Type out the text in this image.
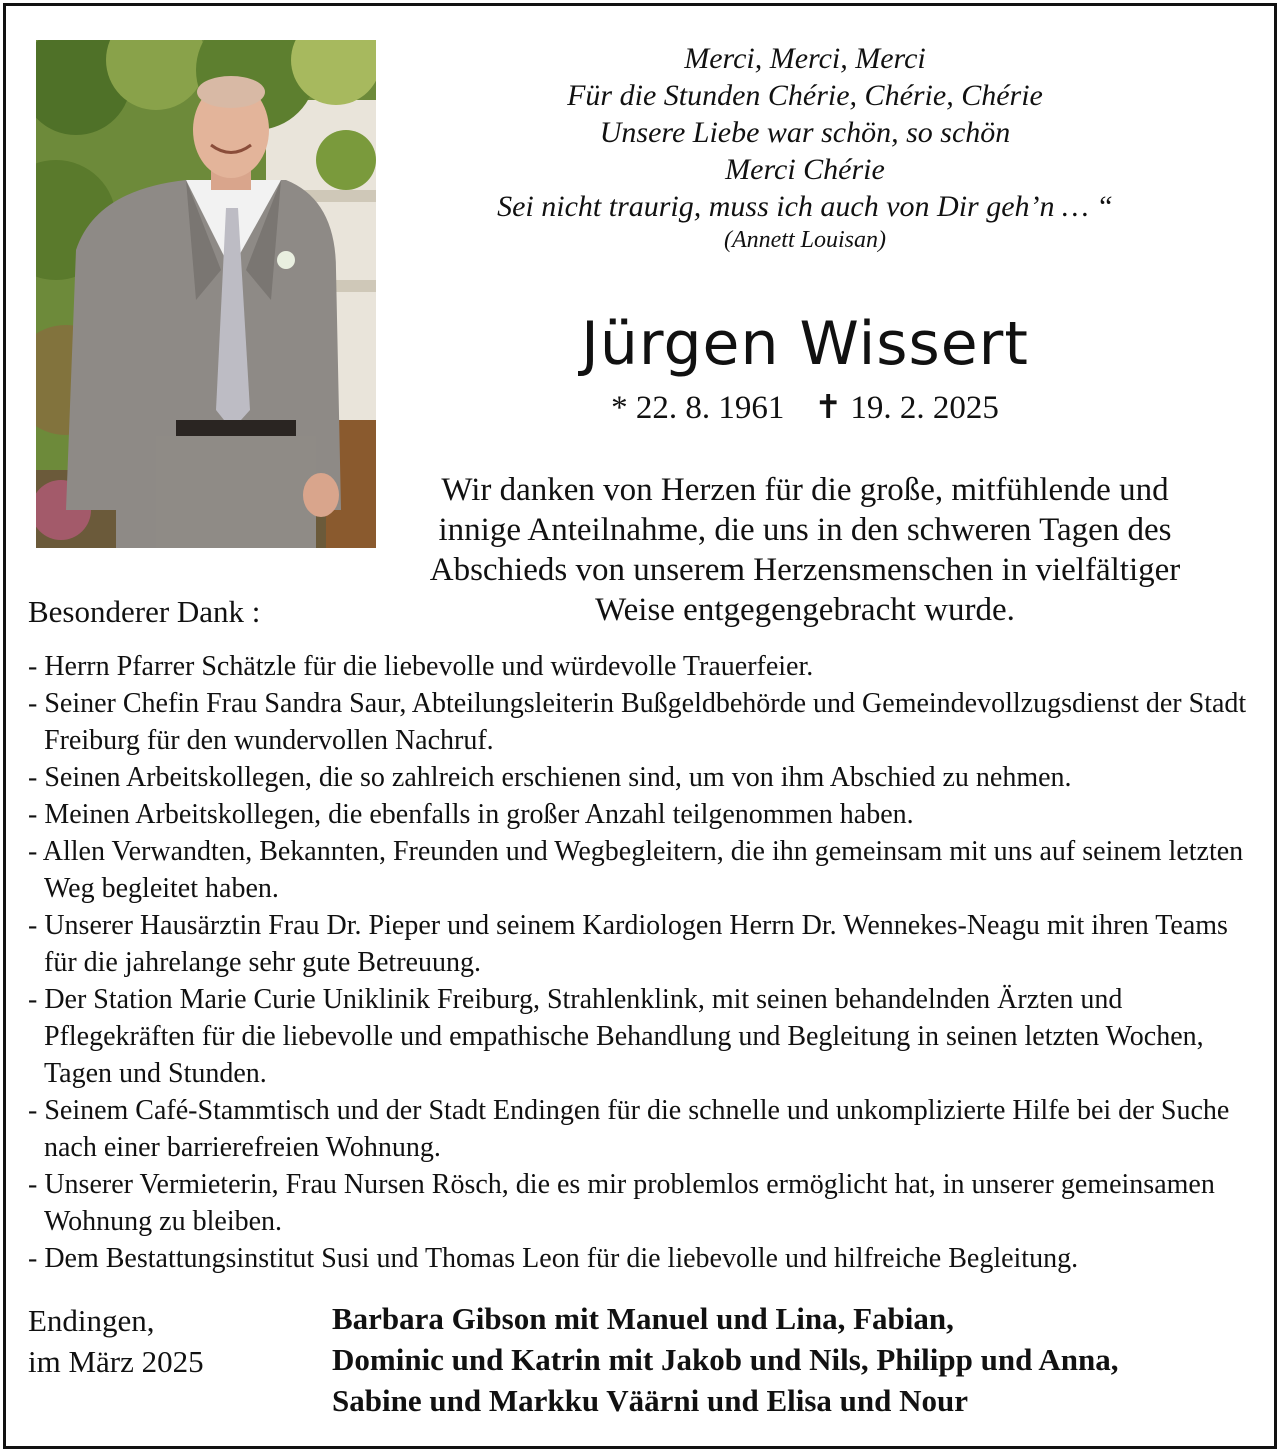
Merci, Merci, Merci
Für die Stunden Chérie, Chérie, Chérie
Unsere Liebe war schön, so schön
Merci Chérie
Sei nicht traurig, muss ich auch von Dir geh’n … “
(Annett Louisan)
Jürgen Wissert
* 22. 8. 1961 ✝ 19. 2. 2025
Wir danken von Herzen für die große, mitfühlende und
innige Anteilnahme, die uns in den schweren Tagen des
Abschieds von unserem Herzensmenschen in vielfältiger
Weise entgegengebracht wurde.
Besonderer Dank :
- Herrn Pfarrer Schätzle für die liebevolle und würdevolle Trauerfeier.
- Seiner Chefin Frau Sandra Saur, Abteilungsleiterin Bußgeldbehörde und Gemeindevollzugsdienst der Stadt Freiburg für den wundervollen Nachruf.
- Seinen Arbeitskollegen, die so zahlreich erschienen sind, um von ihm Abschied zu nehmen.
- Meinen Arbeitskollegen, die ebenfalls in großer Anzahl teilgenommen haben.
- Allen Verwandten, Bekannten, Freunden und Wegbegleitern, die ihn gemeinsam mit uns auf seinem letzten Weg begleitet haben.
- Unserer Hausärztin Frau Dr. Pieper und seinem Kardiologen Herrn Dr. Wennekes-Neagu mit ihren Teams für die jahrelange sehr gute Betreuung.
- Der Station Marie Curie Uniklinik Freiburg, Strahlenklink, mit seinen behandelnden Ärzten und Pflegekräften für die liebevolle und empathische Behandlung und Begleitung in seinen letzten Wochen, Tagen und Stunden.
- Seinem Café-Stammtisch und der Stadt Endingen für die schnelle und unkomplizierte Hilfe bei der Suche nach einer barrierefreien Wohnung.
- Unserer Vermieterin, Frau Nursen Rösch, die es mir problemlos ermöglicht hat, in unserer gemeinsamen Wohnung zu bleiben.
- Dem Bestattungsinstitut Susi und Thomas Leon für die liebevolle und hilfreiche Begleitung.
Endingen,
im März 2025
Barbara Gibson mit Manuel und Lina, Fabian,
Dominic und Katrin mit Jakob und Nils, Philipp und Anna,
Sabine und Markku Väärni und Elisa und Nour
